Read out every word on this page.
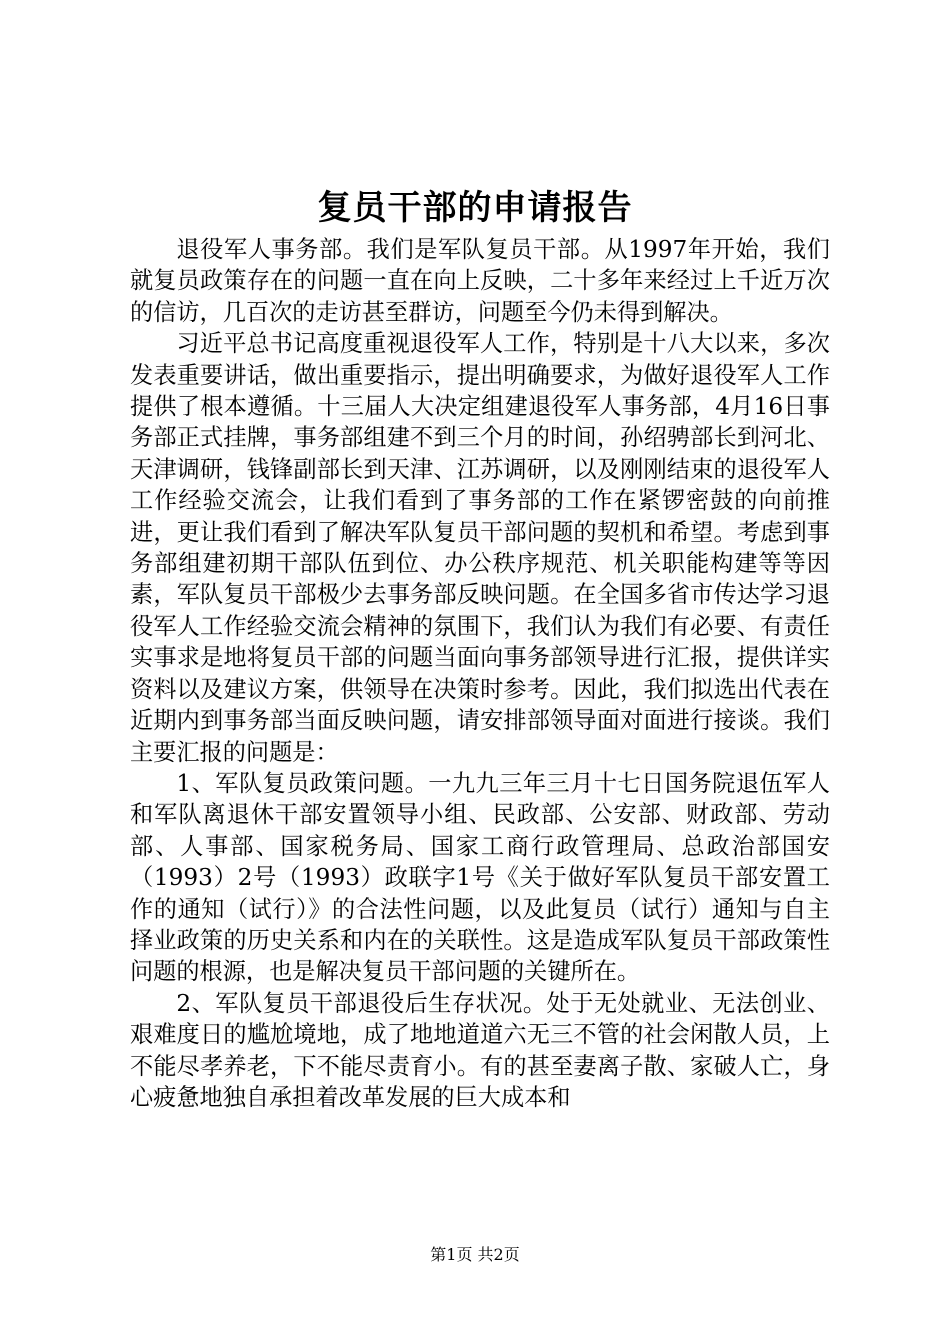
复员干部的申请报告

退役军人事务部。我们是军队复员干部。从1997年开始，我们就复员政策存在的问题一直在向上反映，二十多年来经过上千近万次的信访，几百次的走访甚至群访，问题至今仍未得到解决。

习近平总书记高度重视退役军人工作，特别是十八大以来，多次发表重要讲话，做出重要指示，提出明确要求，为做好退役军人工作提供了根本遵循。十三届人大决定组建退役军人事务部，4月16日事务部正式挂牌，事务部组建不到三个月的时间，孙绍骋部长到河北、天津调研，钱锋副部长到天津、江苏调研，以及刚刚结束的退役军人工作经验交流会，让我们看到了事务部的工作在紧锣密鼓的向前推进，更让我们看到了解决军队复员干部问题的契机和希望。考虑到事务部组建初期干部队伍到位、办公秩序规范、机关职能构建等等因素，军队复员干部极少去事务部反映问题。在全国多省市传达学习退役军人工作经验交流会精神的氛围下，我们认为我们有必要、有责任实事求是地将复员干部的问题当面向事务部领导进行汇报，提供详实资料以及建议方案，供领导在决策时参考。因此，我们拟选出代表在近期内到事务部当面反映问题，请安排部领导面对面进行接谈。我们主要汇报的问题是：

1、军队复员政策问题。一九九三年三月十七日国务院退伍军人和军队离退休干部安置领导小组、民政部、公安部、财政部、劳动部、人事部、国家税务局、国家工商行政管理局、总政治部国安（1993）2号（1993）政联字1号《关于做好军队复员干部安置工作的通知（试行）》的合法性问题，以及此复员（试行）通知与自主择业政策的历史关系和内在的关联性。这是造成军队复员干部政策性问题的根源，也是解决复员干部问题的关键所在。

2、军队复员干部退役后生存状况。处于无处就业、无法创业、艰难度日的尴尬境地，成了地地道道六无三不管的社会闲散人员，上不能尽孝养老，下不能尽责育小。有的甚至妻离子散、家破人亡，身心疲惫地独自承担着改革发展的巨大成本和

第1页 共2页
